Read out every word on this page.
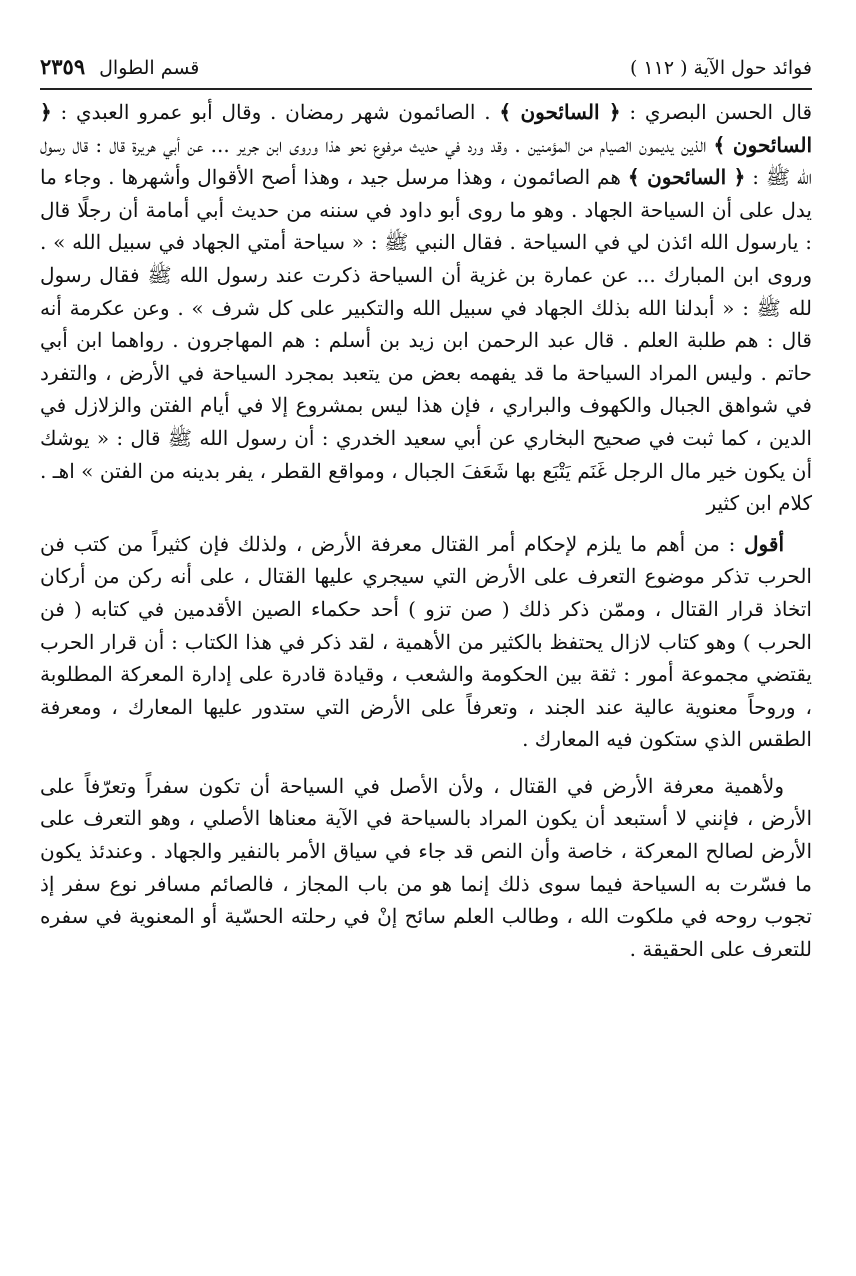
فوائد حول الآية ( ١١٢ )
قسم الطوال
٢٣٥٩

قال الحسن البصري : ﴿ السائحون ﴾ . الصائمون شهر رمضان . وقال أبو عمرو العبدي : ﴿ السائحون ﴾ الذين يديمون الصيام من المؤمنين . وقد ورد في حديث مرفوع نحو هذا وروى ابن جرير ... عن أبي هريرة قال : قال رسول الله ﷺ : ﴿ السائحون ﴾ هم الصائمون ، وهذا مرسل جيد ، وهذا أصح الأقوال وأشهرها . وجاء ما يدل على أن السياحة الجهاد . وهو ما روى أبو داود في سننه من حديث أبي أمامة أن رجلًا قال : يارسول الله ائذن لي في السياحة . فقال النبي ﷺ : « سياحة أمتي الجهاد في سبيل الله » . وروى ابن المبارك ... عن عمارة بن غزية أن السياحة ذكرت عند رسول الله ﷺ فقال رسول لله ﷺ : « أبدلنا الله بذلك الجهاد في سبيل الله والتكبير على كل شرف » . وعن عكرمة أنه قال : هم طلبة العلم . قال عبد الرحمن ابن زيد بن أسلم : هم المهاجرون . رواهما ابن أبي حاتم . وليس المراد السياحة ما قد يفهمه بعض من يتعبد بمجرد السياحة في الأرض ، والتفرد في شواهق الجبال والكهوف والبراري ، فإن هذا ليس بمشروع إلا في أيام الفتن والزلازل في الدين ، كما ثبت في صحيح البخاري عن أبي سعيد الخدري : أن رسول الله ﷺ قال : « يوشك أن يكون خير مال الرجل غَنَم يَتْبَع بها شَعَفَ الجبال ، ومواقع القطر ، يفر بدينه من الفتن » اهـ . كلام ابن كثير

أقول : من أهم ما يلزم لإحكام أمر القتال معرفة الأرض ، ولذلك فإن كثيراً من كتب فن الحرب تذكر موضوع التعرف على الأرض التي سيجري عليها القتال ، على أنه ركن من أركان اتخاذ قرار القتال ، وممّن ذكر ذلك ( صن تزو ) أحد حكماء الصين الأقدمين في كتابه ( فن الحرب ) وهو كتاب لازال يحتفظ بالكثير من الأهمية ، لقد ذكر في هذا الكتاب : أن قرار الحرب يقتضي مجموعة أمور : ثقة بين الحكومة والشعب ، وقيادة قادرة على إدارة المعركة المطلوبة ، وروحاً معنوية عالية عند الجند ، وتعرفاً على الأرض التي ستدور عليها المعارك ، ومعرفة الطقس الذي ستكون فيه المعارك .

ولأهمية معرفة الأرض في القتال ، ولأن الأصل في السياحة أن تكون سفراً وتعرّفاً على الأرض ، فإنني لا أستبعد أن يكون المراد بالسياحة في الآية معناها الأصلي ، وهو التعرف على الأرض لصالح المعركة ، خاصة وأن النص قد جاء في سياق الأمر بالنفير والجهاد . وعندئذ يكون ما فسّرت به السياحة فيما سوى ذلك إنما هو من باب المجاز ، فالصائم مسافر نوع سفر إذ تجوب روحه في ملكوت الله ، وطالب العلم سائح إنْ في رحلته الحسّية أو المعنوية في سفره للتعرف على الحقيقة .
